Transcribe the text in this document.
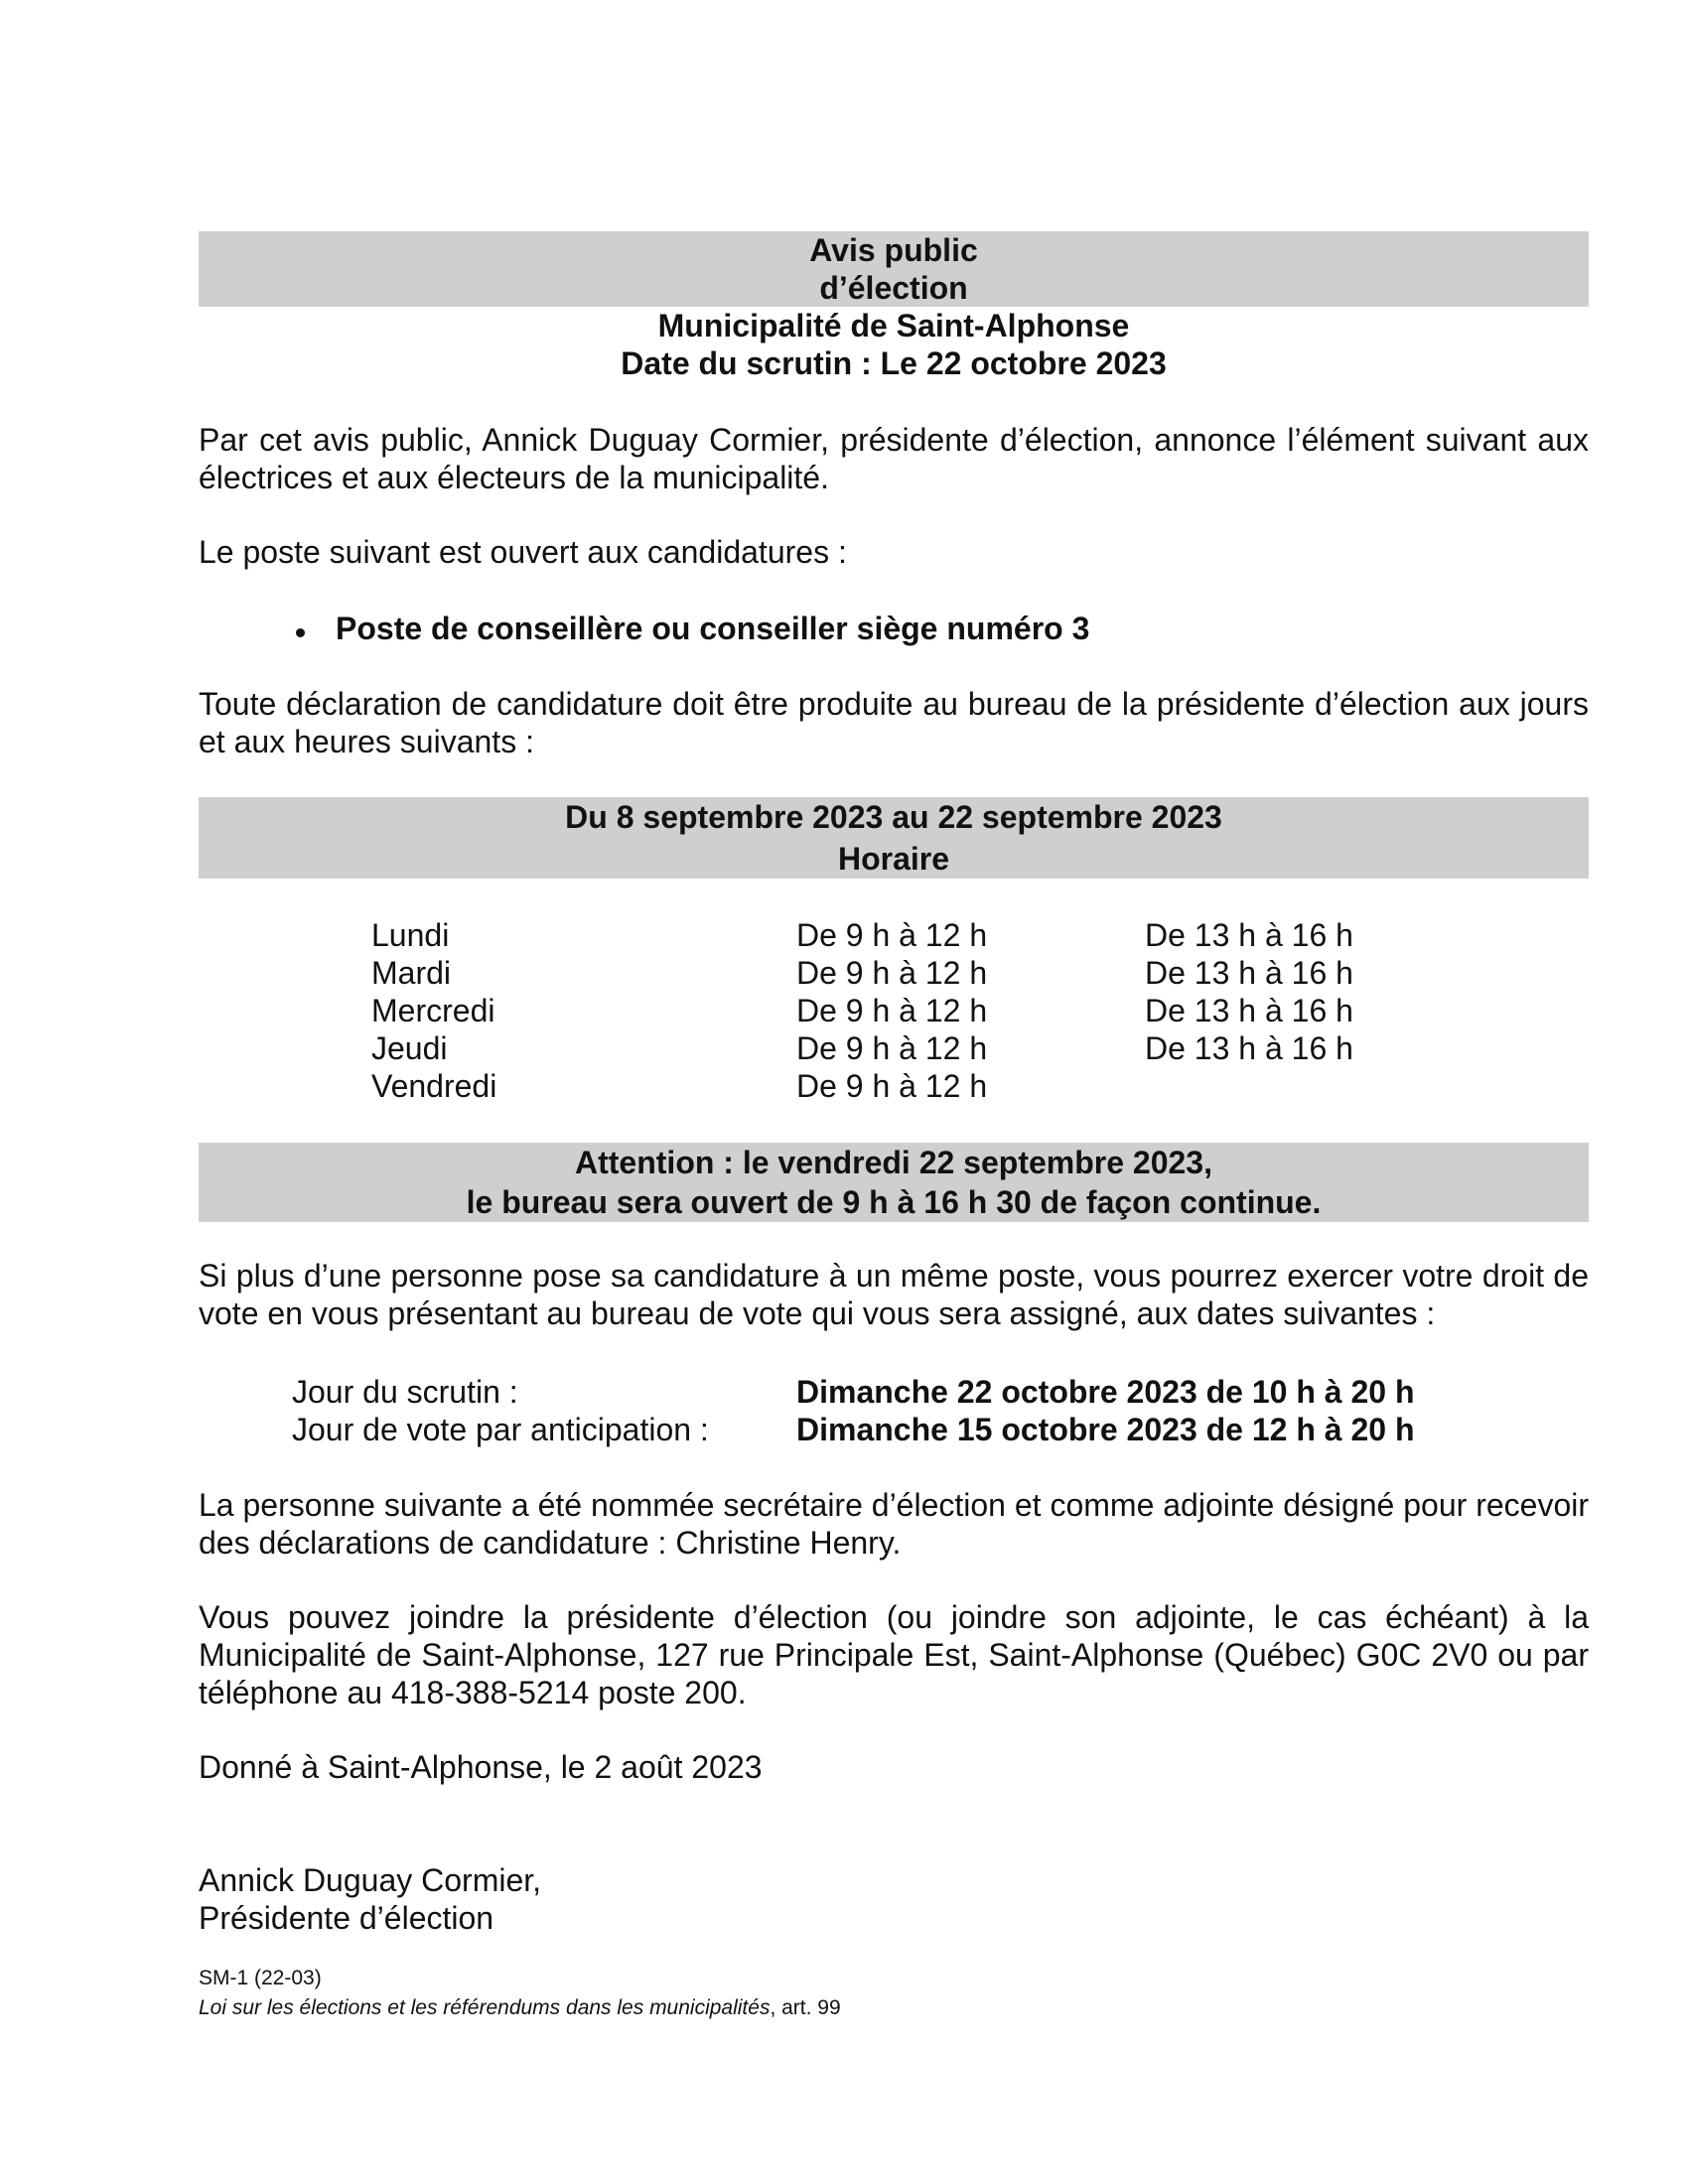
Avis public
d’élection
Municipalité de Saint-Alphonse
Date du scrutin : Le 22 octobre 2023
Par cet avis public, Annick Duguay Cormier, présidente d’élection, annonce l’élément suivant aux électrices et aux électeurs de la municipalité.
Le poste suivant est ouvert aux candidatures :
Poste de conseillère ou conseiller siège numéro 3
Toute déclaration de candidature doit être produite au bureau de la présidente d’élection aux jours et aux heures suivants :
Du 8 septembre 2023 au 22 septembre 2023
Horaire
Lundi	De 9 h à 12 h	De 13 h à 16 h
Mardi	De 9 h à 12 h	De 13 h à 16 h
Mercredi	De 9 h à 12 h	De 13 h à 16 h
Jeudi	De 9 h à 12 h	De 13 h à 16 h
Vendredi	De 9 h à 12 h
Attention : le vendredi 22 septembre 2023,
le bureau sera ouvert de 9 h à 16 h 30 de façon continue.
Si plus d’une personne pose sa candidature à un même poste, vous pourrez exercer votre droit de vote en vous présentant au bureau de vote qui vous sera assigné, aux dates suivantes :
Jour du scrutin :	Dimanche 22 octobre 2023 de 10 h à 20 h
Jour de vote par anticipation :	Dimanche 15 octobre 2023 de 12 h à 20 h
La personne suivante a été nommée secrétaire d’élection et comme adjointe désigné pour recevoir des déclarations de candidature : Christine Henry.
Vous pouvez joindre la présidente d’élection (ou joindre son adjointe, le cas échéant) à la Municipalité de Saint-Alphonse, 127 rue Principale Est, Saint-Alphonse (Québec) G0C 2V0 ou par téléphone au 418-388-5214 poste 200.
Donné à Saint-Alphonse, le 2 août 2023
Annick Duguay Cormier,
Présidente d’élection
SM-1 (22-03)
Loi sur les élections et les référendums dans les municipalités, art. 99
